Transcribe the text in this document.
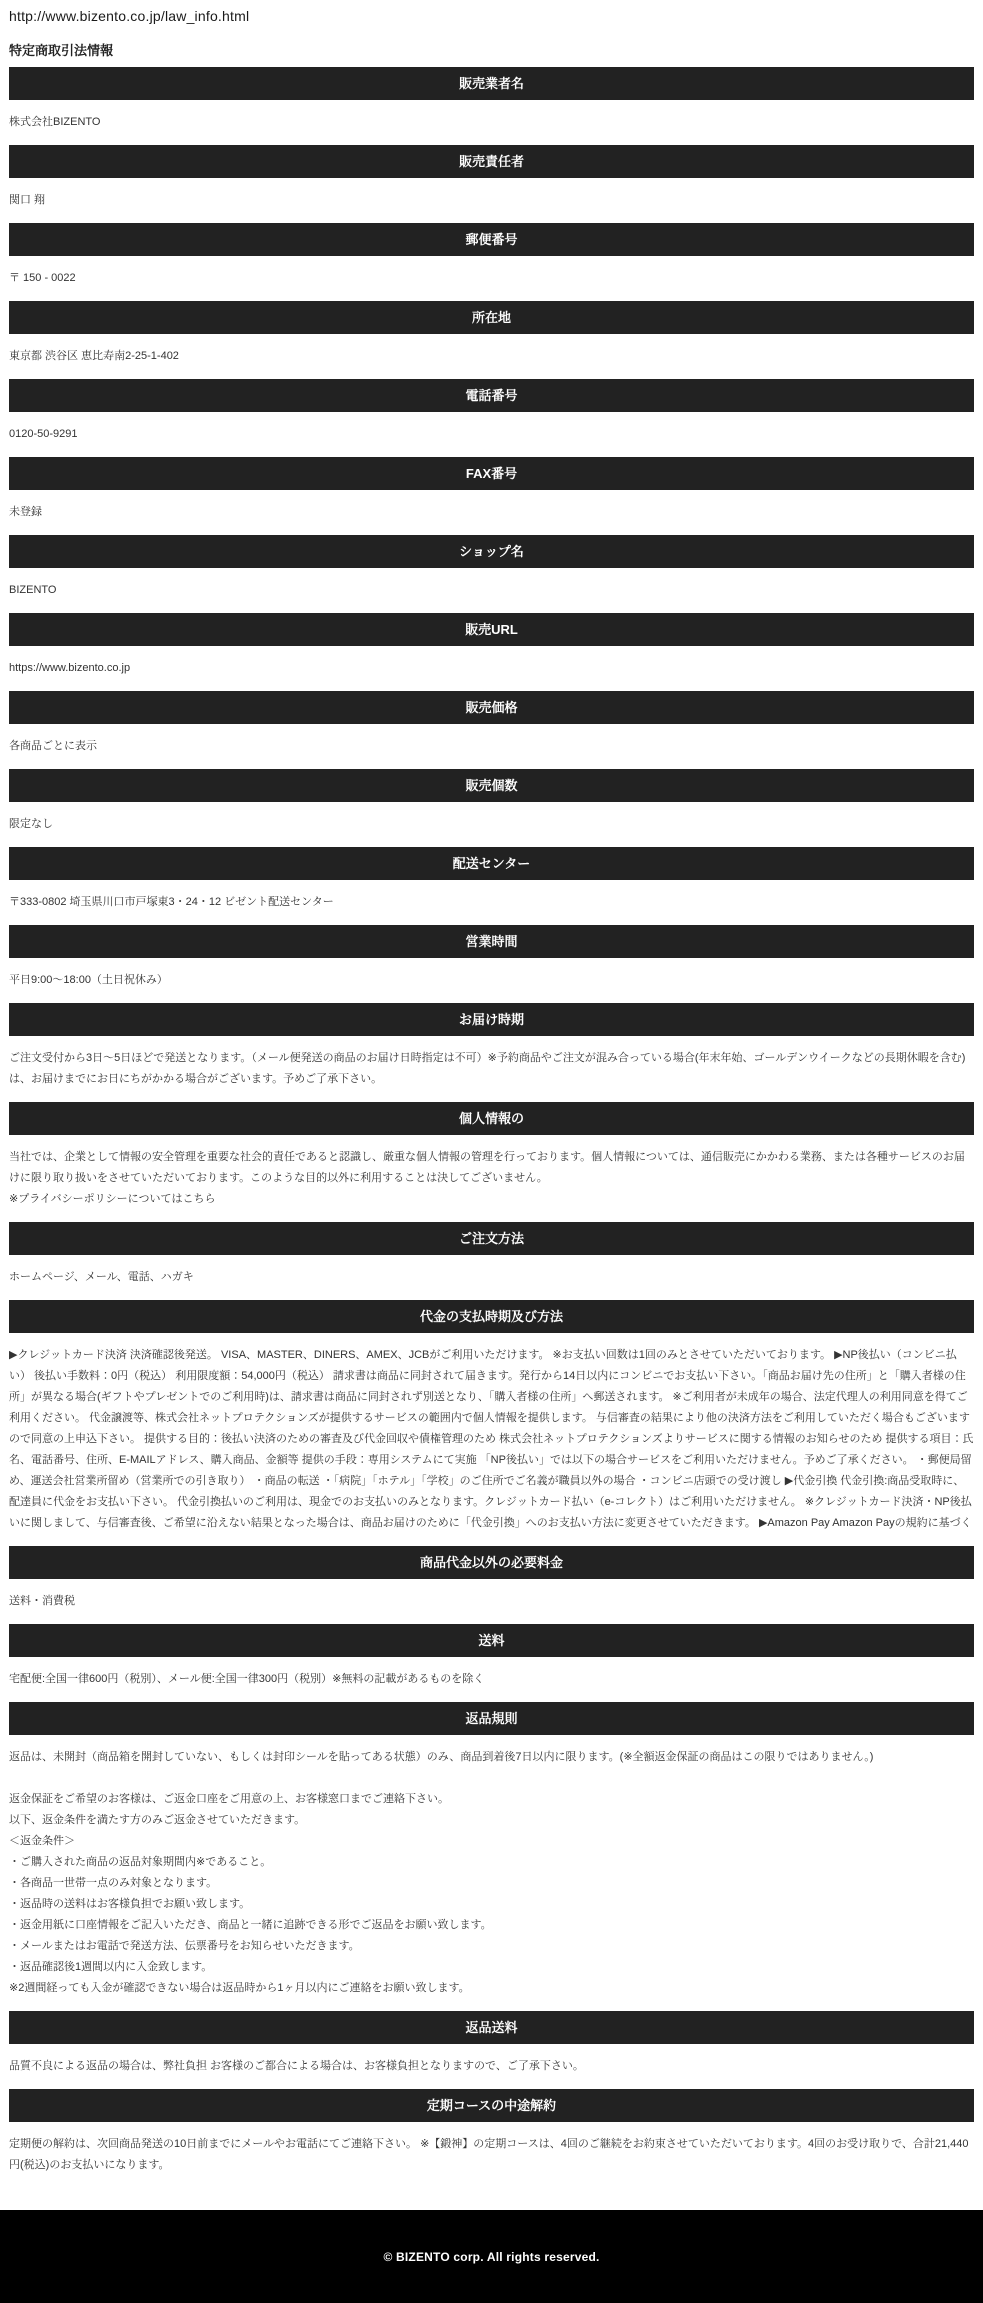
http://www.bizento.co.jp/law_info.html
特定商取引法情報
販売業者名
株式会社BIZENTO
販売責任者
関口 翔
郵便番号
〒 150 - 0022
所在地
東京都 渋谷区 恵比寿南2-25-1-402
電話番号
0120-50-9291
FAX番号
未登録
ショップ名
BIZENTO
販売URL
https://www.bizento.co.jp
販売価格
各商品ごとに表示
販売個数
限定なし
配送センター
〒333-0802 埼玉県川口市戸塚東3・24・12 ビゼント配送センター
営業時間
平日9:00〜18:00（土日祝休み）
お届け時期
ご注文受付から3日〜5日ほどで発送となります。（メール便発送の商品のお届け日時指定は不可）※予約商品やご注文が混み合っている場合(年末年始、ゴールデンウイークなどの長期休暇を含む) は、お届けまでにお日にちがかかる場合がございます。予めご了承下さい。
個人情報の
当社では、企業として情報の安全管理を重要な社会的責任であると認識し、厳重な個人情報の管理を行っております。個人情報については、通信販売にかかわる業務、または各種サービスのお届けに限り取り扱いをさせていただいております。このような目的以外に利用することは決してございません。
※プライバシーポリシーについてはこちら
ご注文方法
ホームページ、メール、電話、ハガキ
代金の支払時期及び方法
▶クレジットカード決済 決済確認後発送。 VISA、MASTER、DINERS、AMEX、JCBがご利用いただけます。 ※お支払い回数は1回のみとさせていただいております。 ▶NP後払い（コンビニ払い） 後払い手数料：0円（税込） 利用限度額：54,000円（税込） 請求書は商品に同封されて届きます。発行から14日以内にコンビニでお支払い下さい。「商品お届け先の住所」と「購入者様の住所」が異なる場合(ギフトやプレゼントでのご利用時)は、請求書は商品に同封されず別送となり、「購入者様の住所」へ郵送されます。 ※ご利用者が未成年の場合、法定代理人の利用同意を得てご利用ください。 代金譲渡等、株式会社ネットプロテクションズが提供するサービスの範囲内で個人情報を提供します。 与信審査の結果により他の決済方法をご利用していただく場合もございますので同意の上申込下さい。 提供する目的：後払い決済のための審査及び代金回収や債権管理のため 株式会社ネットプロテクションズよりサービスに関する情報のお知らせのため 提供する項目：氏名、電話番号、住所、E-MAILアドレス、購入商品、金額等 提供の手段：専用システムにて実施 「NP後払い」では以下の場合サービスをご利用いただけません。予めご了承ください。 ・郵便局留め、運送会社営業所留め（営業所での引き取り） ・商品の転送 ・「病院」「ホテル」「学校」のご住所でご名義が職員以外の場合 ・コンビニ店頭での受け渡し ▶代金引換 代金引換:商品受取時に、配達員に代金をお支払い下さい。 代金引換払いのご利用は、現金でのお支払いのみとなります。クレジットカード払い（e-コレクト）はご利用いただけません。 ※クレジットカード決済・NP後払いに関しまして、与信審査後、ご希望に沿えない結果となった場合は、商品お届けのために「代金引換」へのお支払い方法に変更させていただきます。 ▶Amazon Pay Amazon Payの規約に基づく
商品代金以外の必要料金
送料・消費税
送料
宅配便:全国一律600円（税別）、メール便:全国一律300円（税別）※無料の記載があるものを除く
返品規則
返品は、未開封（商品箱を開封していない、もしくは封印シールを貼ってある状態）のみ、商品到着後7日以内に限ります。(※全額返金保証の商品はこの限りではありません。)
返金保証をご希望のお客様は、ご返金口座をご用意の上、お客様窓口までご連絡下さい。
以下、返金条件を満たす方のみご返金させていただきます。
＜返金条件＞
・ご購入された商品の返品対象期間内※であること。
・各商品一世帯一点のみ対象となります。
・返品時の送料はお客様負担でお願い致します。
・返金用紙に口座情報をご記入いただき、商品と一緒に追跡できる形でご返品をお願い致します。
・メールまたはお電話で発送方法、伝票番号をお知らせいただきます。
・返品確認後1週間以内に入金致します。
※2週間経っても入金が確認できない場合は返品時から1ヶ月以内にご連絡をお願い致します。
返品送料
品質不良による返品の場合は、弊社負担 お客様のご都合による場合は、お客様負担となりますので、ご了承下さい。
定期コースの中途解約
定期便の解約は、次回商品発送の10日前までにメールやお電話にてご連絡下さい。 ※【鍛神】の定期コースは、4回のご継続をお約束させていただいております。4回のお受け取りで、合計21,440円(税込)のお支払いになります。
© BIZENTO corp. All rights reserved.
